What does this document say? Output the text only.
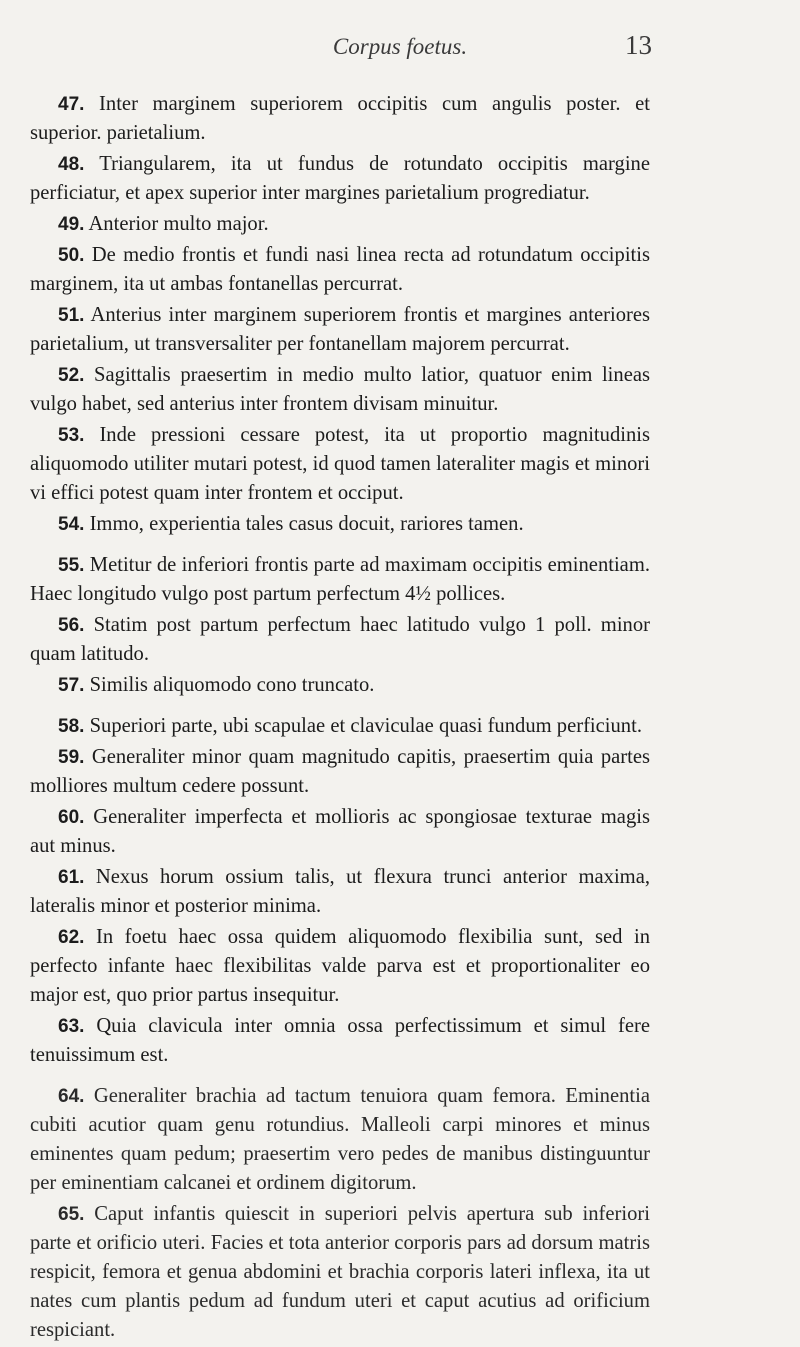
Corpus foetus.	13

47. Inter marginem superiorem occipitis cum angulis poster. et superior. parietalium.

48. Triangularem, ita ut fundus de rotundato occipitis margine perficiatur, et apex superior inter margines parietalium progrediatur.

49. Anterior multo major.

50. De medio frontis et fundi nasi linea recta ad rotundatum occipitis marginem, ita ut ambas fontanellas percurrat.

51. Anterius inter marginem superiorem frontis et margines anteriores parietalium, ut transversaliter per fontanellam majorem percurrat.

52. Sagittalis praesertim in medio multo latior, quatuor enim lineas vulgo habet, sed anterius inter frontem divisam minuitur.

53. Inde pressioni cessare potest, ita ut proportio magnitudinis aliquomodo utiliter mutari potest, id quod tamen lateraliter magis et minori vi effici potest quam inter frontem et occiput.

54. Immo, experientia tales casus docuit, rariores tamen.

55. Metitur de inferiori frontis parte ad maximam occipitis eminentiam. Haec longitudo vulgo post partum perfectum 4½ pollices.

56. Statim post partum perfectum haec latitudo vulgo 1 poll. minor quam latitudo.

57. Similis aliquomodo cono truncato.

58. Superiori parte, ubi scapulae et claviculae quasi fundum perficiunt.

59. Generaliter minor quam magnitudo capitis, praesertim quia partes molliores multum cedere possunt.

60. Generaliter imperfecta et mollioris ac spongiosae texturae magis aut minus.

61. Nexus horum ossium talis, ut flexura trunci anterior maxima, lateralis minor et posterior minima.

62. In foetu haec ossa quidem aliquomodo flexibilia sunt, sed in perfecto infante haec flexibilitas valde parva est et proportionaliter eo major est, quo prior partus insequitur.

63. Quia clavicula inter omnia ossa perfectissimum et simul fere tenuissimum est.

64. Generaliter brachia ad tactum tenuiora quam femora. Eminentia cubiti acutior quam genu rotundius. Malleoli carpi minores et minus eminentes quam pedum; praesertim vero pedes de manibus distinguuntur per eminentiam calcanei et ordinem digitorum.

65. Caput infantis quiescit in superiori pelvis apertura sub inferiori parte et orificio uteri. Facies et tota anterior corporis pars ad dorsum matris respicit, femora et genua abdomini et brachia corporis lateri inflexa, ita ut nates cum plantis pedum ad fundum uteri et caput acutius ad orificium respiciant.
